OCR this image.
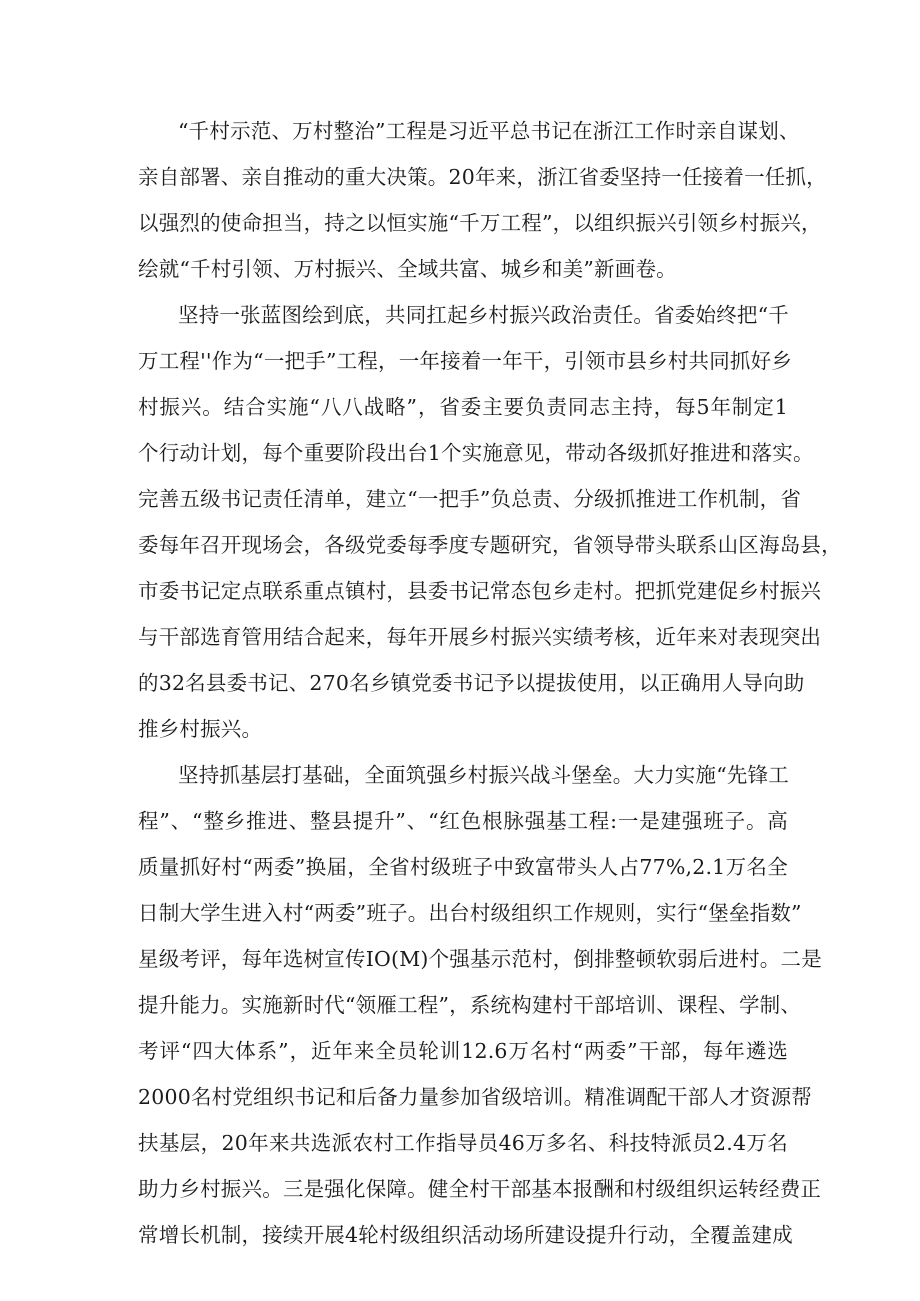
“千村示范、万村整治”工程是习近平总书记在浙江工作时亲自谋划、
亲自部署、亲自推动的重大决策。20年来，浙江省委坚持一任接着一任抓，
以强烈的使命担当，持之以恒实施“千万工程”，以组织振兴引领乡村振兴，
绘就“千村引领、万村振兴、全域共富、城乡和美”新画卷。
坚持一张蓝图绘到底，共同扛起乡村振兴政治责任。省委始终把“千
万工程''作为“一把手”工程，一年接着一年干，引领市县乡村共同抓好乡
村振兴。结合实施“八八战略”，省委主要负责同志主持，每5年制定1
个行动计划，每个重要阶段出台1个实施意见，带动各级抓好推进和落实。
完善五级书记责任清单，建立“一把手”负总责、分级抓推进工作机制，省
委每年召开现场会，各级党委每季度专题研究，省领导带头联系山区海岛县，
市委书记定点联系重点镇村，县委书记常态包乡走村。把抓党建促乡村振兴
与干部选育管用结合起来，每年开展乡村振兴实绩考核，近年来对表现突出
的32名县委书记、270名乡镇党委书记予以提拔使用，以正确用人导向助
推乡村振兴。
坚持抓基层打基础，全面筑强乡村振兴战斗堡垒。大力实施“先锋工
程”、“整乡推进、整县提升”、“红色根脉强基工程:一是建强班子。高
质量抓好村“两委”换届，全省村级班子中致富带头人占77%,2.1万名全
日制大学生进入村“两委”班子。出台村级组织工作规则，实行“堡垒指数”
星级考评，每年选树宣传IO(M)个强基示范村，倒排整顿软弱后进村。二是
提升能力。实施新时代“领雁工程”，系统构建村干部培训、课程、学制、
考评“四大体系”，近年来全员轮训12.6万名村“两委”干部，每年遴选
2000名村党组织书记和后备力量参加省级培训。精准调配干部人才资源帮
扶基层，20年来共选派农村工作指导员46万多名、科技特派员2.4万名
助力乡村振兴。三是强化保障。健全村干部基本报酬和村级组织运转经费正
常增长机制，接续开展4轮村级组织活动场所建设提升行动，全覆盖建成
